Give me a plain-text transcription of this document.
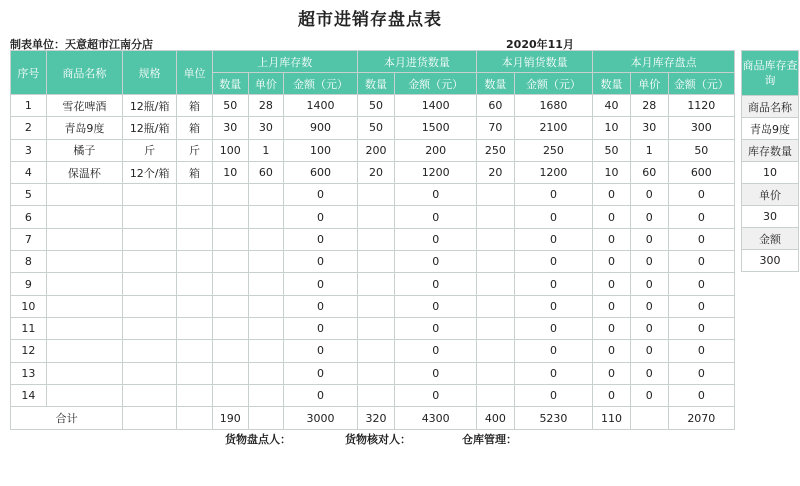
超市进销存盘点表
制表单位：天意超市江南分店	2020年11月
序号	商品名称	规格	单位	上月库存数			本月进货数量		本月销货数量		本月库存盘点		
				数量	单价	金额（元）	数量	金额（元）	数量	金额（元）	数量	单价	金额（元）
1	雪花啤酒	12瓶/箱	箱	50	28	1400	50	1400	60	1680	40	28	1120
2	青岛9度	12瓶/箱	箱	30	30	900	50	1500	70	2100	10	30	300
3	橘子	斤	斤	100	1	100	200	200	250	250	50	1	50
4	保温杯	12个/箱	箱	10	60	600	20	1200	20	1200	10	60	600
5						0		0		0	0	0	0
6						0		0		0	0	0	0
7						0		0		0	0	0	0
8						0		0		0	0	0	0
9						0		0		0	0	0	0
10						0		0		0	0	0	0
11						0		0		0	0	0	0
12						0		0		0	0	0	0
13						0		0		0	0	0	0
14						0		0		0	0	0	0
合计				190		3000	320	4300	400	5230	110		2070
商品库存查询
商品名称
青岛9度
库存数量
10
单价
30
金额
300
货物盘点人：	货物核对人：	仓库管理：
